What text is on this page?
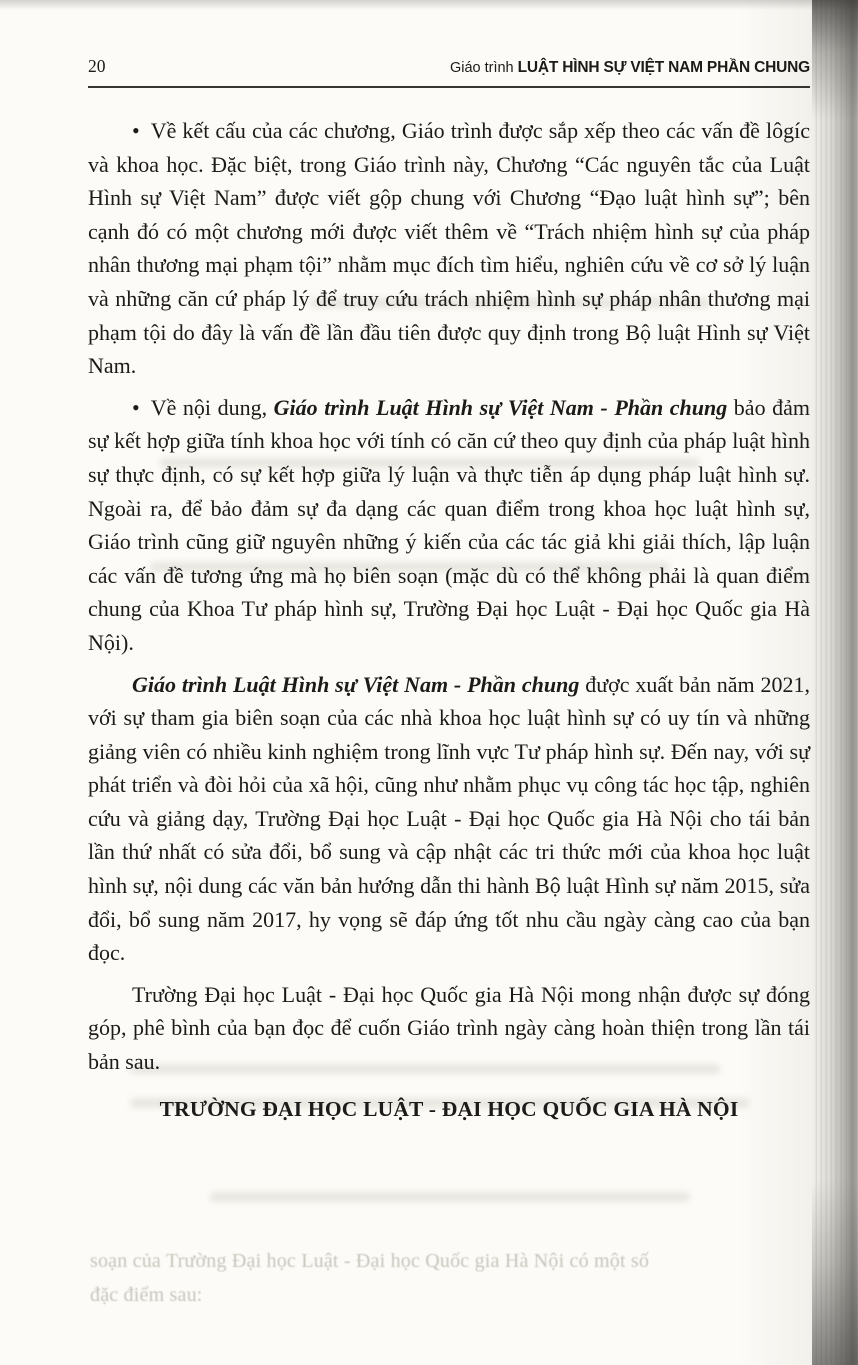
soạn của Trường Đại học Luật - Đại học Quốc gia Hà Nội có một số
đặc điểm sau:
20	Giáo trình LUẬT HÌNH SỰ VIỆT NAM PHẦN CHUNG

• Về kết cấu của các chương, Giáo trình được sắp xếp theo các vấn đề lôgíc và khoa học. Đặc biệt, trong Giáo trình này, Chương “Các nguyên tắc của Luật Hình sự Việt Nam” được viết gộp chung với Chương “Đạo luật hình sự”; bên cạnh đó có một chương mới được viết thêm về “Trách nhiệm hình sự của pháp nhân thương mại phạm tội” nhằm mục đích tìm hiểu, nghiên cứu về cơ sở lý luận và những căn cứ pháp lý để truy cứu trách nhiệm hình sự pháp nhân thương mại phạm tội do đây là vấn đề lần đầu tiên được quy định trong Bộ luật Hình sự Việt Nam.

• Về nội dung, Giáo trình Luật Hình sự Việt Nam - Phần chung bảo đảm sự kết hợp giữa tính khoa học với tính có căn cứ theo quy định của pháp luật hình sự thực định, có sự kết hợp giữa lý luận và thực tiễn áp dụng pháp luật hình sự. Ngoài ra, để bảo đảm sự đa dạng các quan điểm trong khoa học luật hình sự, Giáo trình cũng giữ nguyên những ý kiến của các tác giả khi giải thích, lập luận các vấn đề tương ứng mà họ biên soạn (mặc dù có thể không phải là quan điểm chung của Khoa Tư pháp hình sự, Trường Đại học Luật - Đại học Quốc gia Hà Nội).

Giáo trình Luật Hình sự Việt Nam - Phần chung được xuất bản năm 2021, với sự tham gia biên soạn của các nhà khoa học luật hình sự có uy tín và những giảng viên có nhiều kinh nghiệm trong lĩnh vực Tư pháp hình sự. Đến nay, với sự phát triển và đòi hỏi của xã hội, cũng như nhằm phục vụ công tác học tập, nghiên cứu và giảng dạy, Trường Đại học Luật - Đại học Quốc gia Hà Nội cho tái bản lần thứ nhất có sửa đổi, bổ sung và cập nhật các tri thức mới của khoa học luật hình sự, nội dung các văn bản hướng dẫn thi hành Bộ luật Hình sự năm 2015, sửa đổi, bổ sung năm 2017, hy vọng sẽ đáp ứng tốt nhu cầu ngày càng cao của bạn đọc.

Trường Đại học Luật - Đại học Quốc gia Hà Nội mong nhận được sự đóng góp, phê bình của bạn đọc để cuốn Giáo trình ngày càng hoàn thiện trong lần tái bản sau.

TRƯỜNG ĐẠI HỌC LUẬT - ĐẠI HỌC QUỐC GIA HÀ NỘI
